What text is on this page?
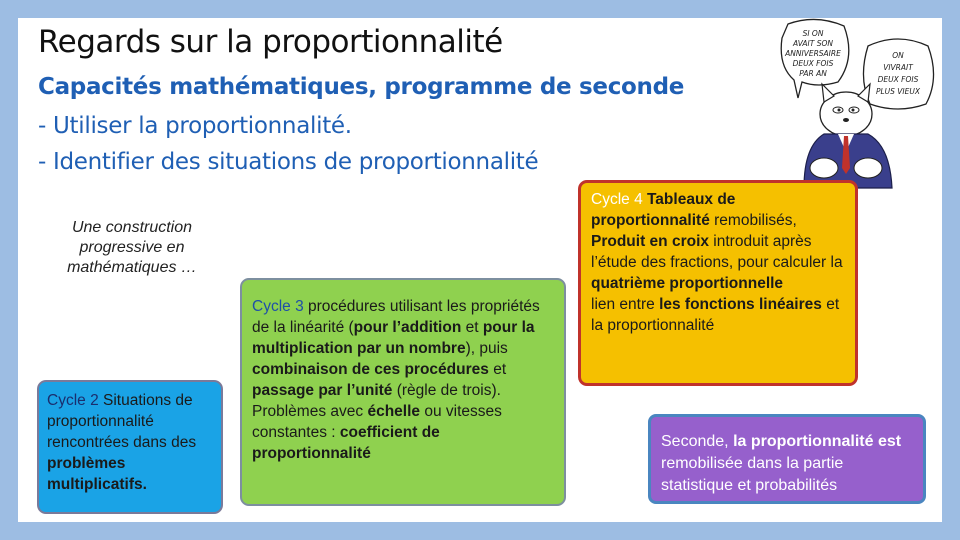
Regards sur la proportionnalité
Capacités mathématiques, programme de seconde
- Utiliser la proportionnalité.
- Identifier des situations de proportionnalité
SI ON
AVAIT SON
ANNIVERSAIRE
DEUX FOIS
PAR AN
ON
VIVRAIT
DEUX FOIS
PLUS VIEUX
Une construction progressive en mathématiques …
Cycle 2 Situations de proportionnalité rencontrées dans des problèmes multiplicatifs.
Cycle 3 procédures utilisant les propriétés de la linéarité (pour l’addition et pour la multiplication par un nombre), puis combinaison de ces procédures et passage par l’unité (règle de trois). Problèmes avec échelle ou vitesses constantes : coefficient de proportionnalité
Cycle 4 Tableaux de proportionnalité remobilisés, Produit en croix introduit après l’étude des fractions, pour calculer la quatrième proportionnelle
lien entre les fonctions linéaires et la proportionnalité
Seconde, la proportionnalité est remobilisée dans la partie statistique et probabilités
